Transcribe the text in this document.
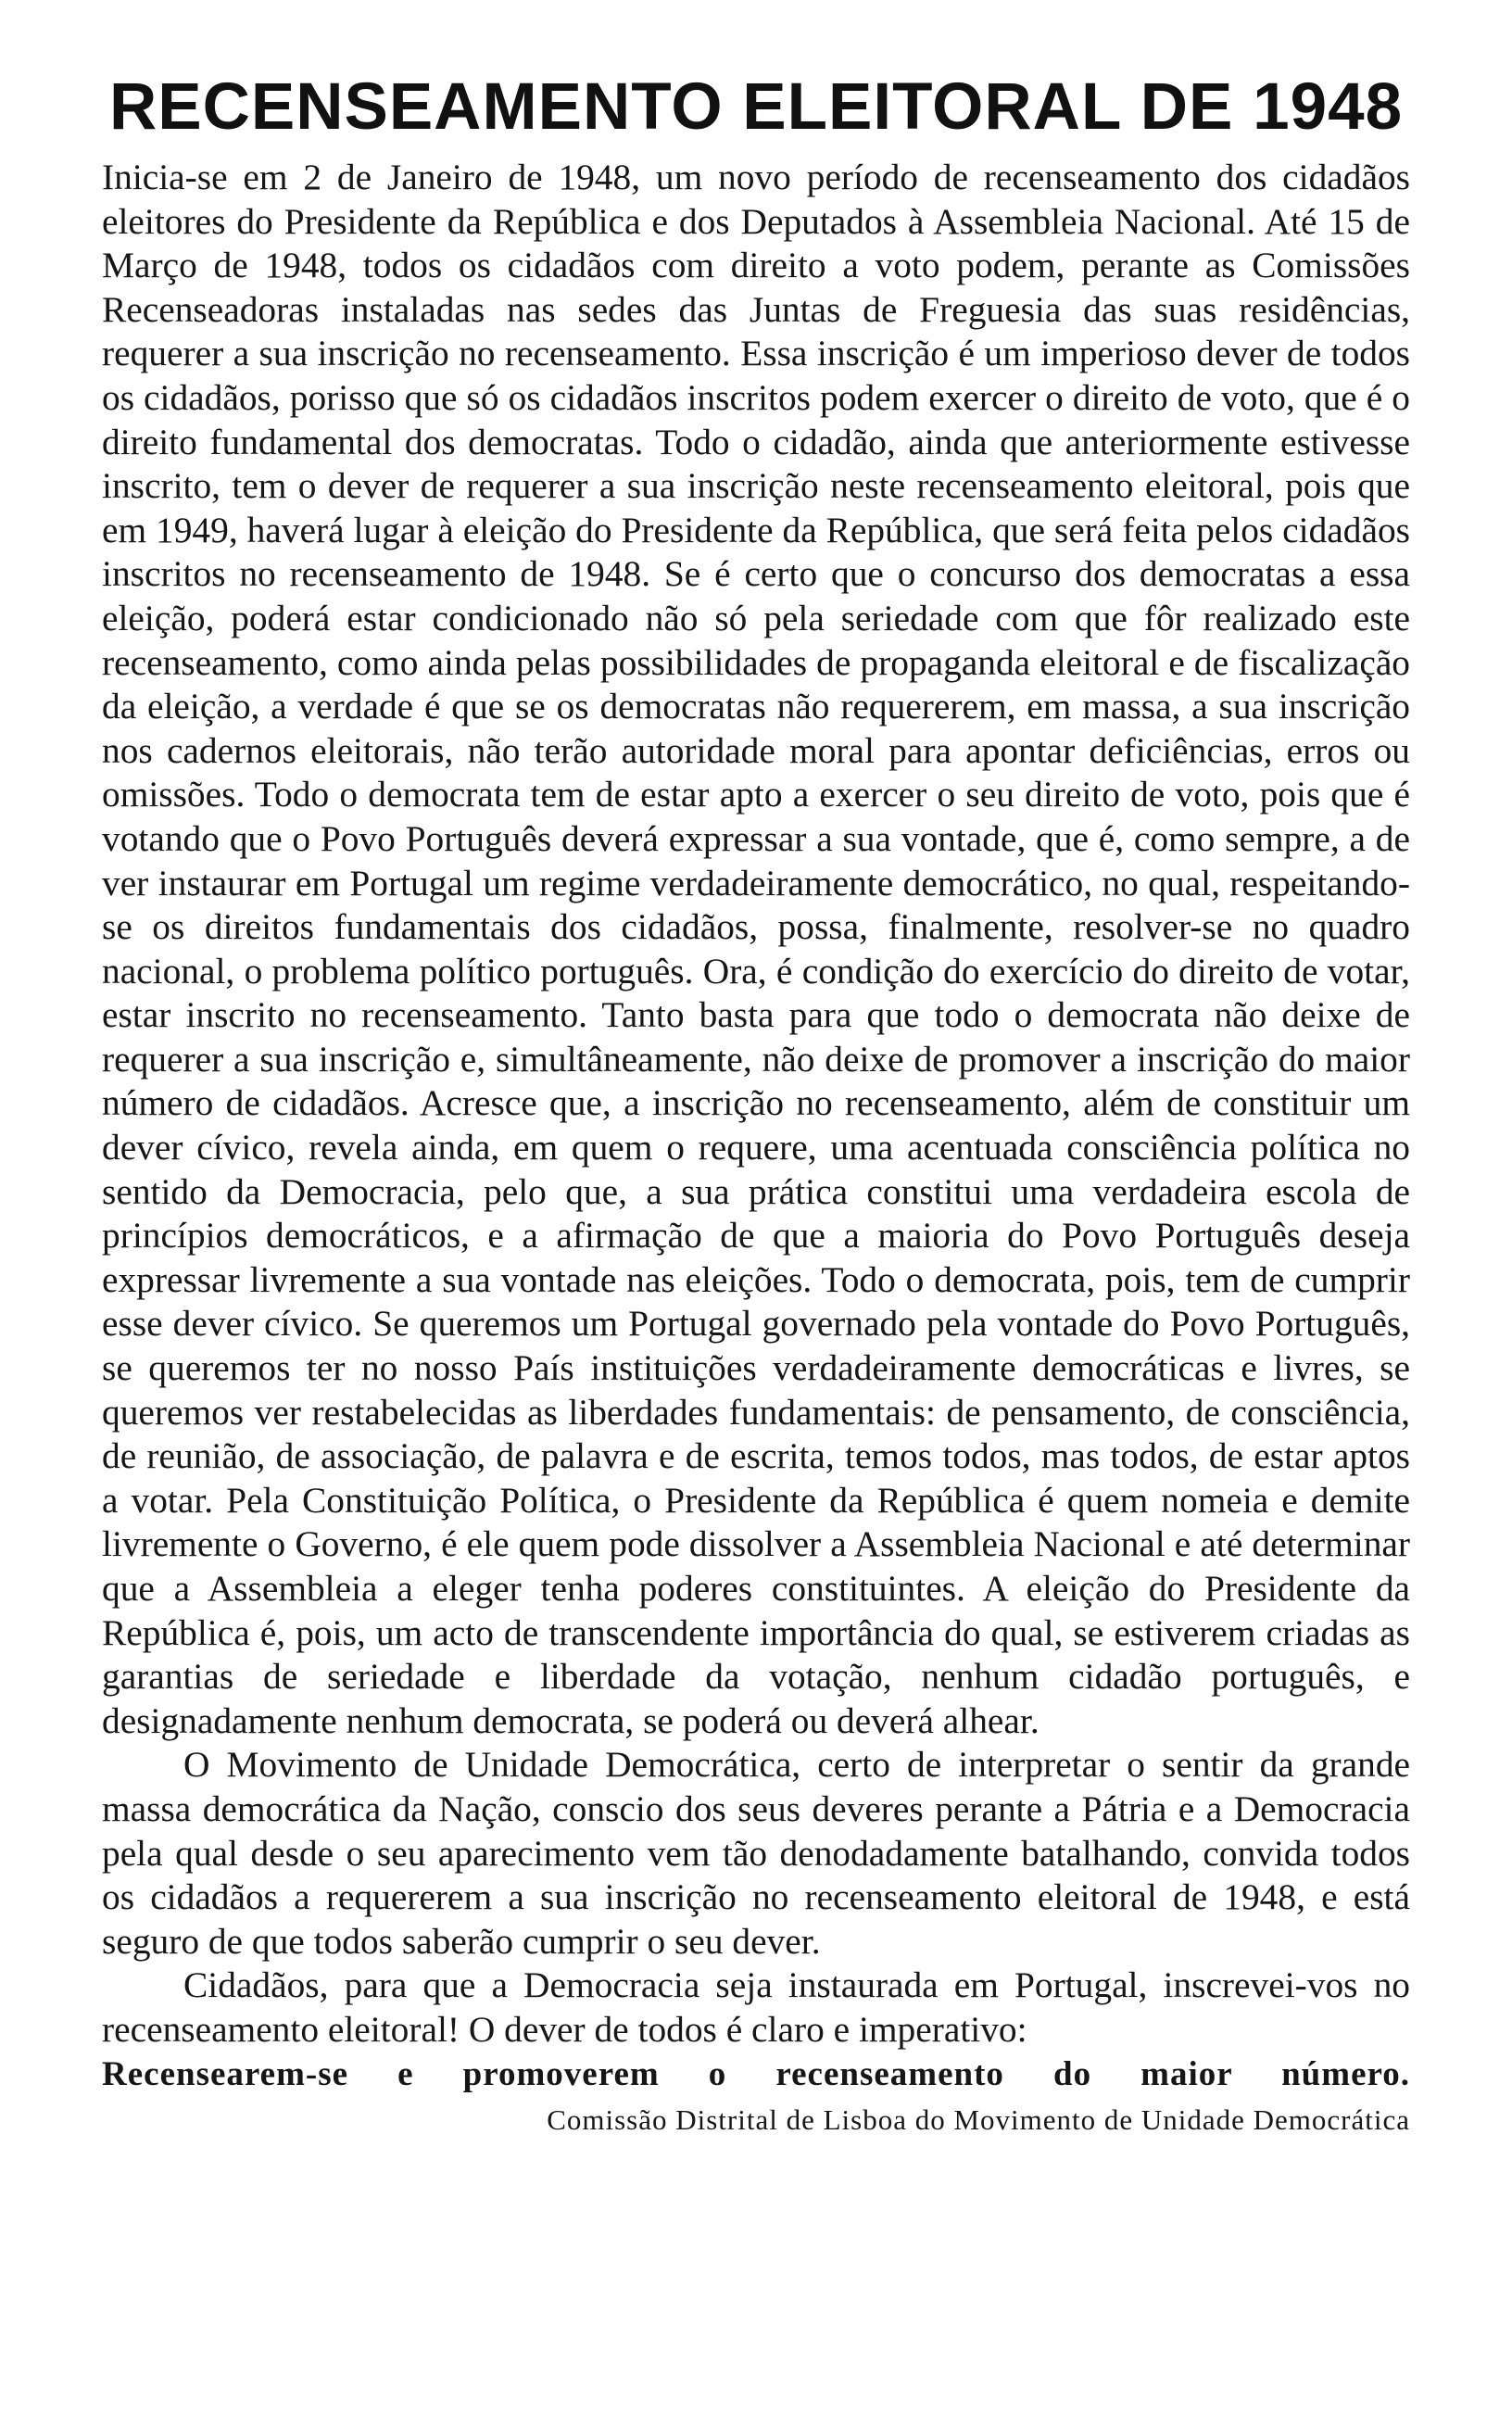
RECENSEAMENTO ELEITORAL DE 1948

Inicia-se em 2 de Janeiro de 1948, um novo período de recenseamento dos cidadãos eleitores do Presidente da República e dos Deputados à Assembleia Nacional. Até 15 de Março de 1948, todos os cidadãos com direito a voto podem, perante as Comissões Recenseadoras instaladas nas sedes das Juntas de Freguesia das suas residências, requerer a sua inscrição no recenseamento. Essa inscrição é um imperioso dever de todos os cidadãos, porisso que só os cidadãos inscritos podem exercer o direito de voto, que é o direito fundamental dos democratas. Todo o cidadão, ainda que anteriormente estivesse inscrito, tem o dever de requerer a sua inscrição neste recenseamento eleitoral, pois que em 1949, haverá lugar à eleição do Presidente da República, que será feita pelos cidadãos inscritos no recenseamento de 1948. Se é certo que o concurso dos democratas a essa eleição, poderá estar condicionado não só pela seriedade com que fôr realizado este recenseamento, como ainda pelas possibilidades de propaganda eleitoral e de fiscalização da eleição, a verdade é que se os democratas não requererem, em massa, a sua inscrição nos cadernos eleitorais, não terão autoridade moral para apontar deficiências, erros ou omissões. Todo o democrata tem de estar apto a exercer o seu direito de voto, pois que é votando que o Povo Português deverá expressar a sua vontade, que é, como sempre, a de ver instaurar em Portugal um regime verdadeiramente democrático, no qual, respeitando-se os direitos fundamentais dos cidadãos, possa, finalmente, resolver-se no quadro nacional, o problema político português. Ora, é condição do exercício do direito de votar, estar inscrito no recenseamento. Tanto basta para que todo o democrata não deixe de requerer a sua inscrição e, simultâneamente, não deixe de promover a inscrição do maior número de cidadãos. Acresce que, a inscrição no recenseamento, além de constituir um dever cívico, revela ainda, em quem o requere, uma acentuada consciência política no sentido da Democracia, pelo que, a sua prática constitui uma verdadeira escola de princípios democráticos, e a afirmação de que a maioria do Povo Português deseja expressar livremente a sua vontade nas eleições. Todo o democrata, pois, tem de cumprir esse dever cívico. Se queremos um Portugal governado pela vontade do Povo Português, se queremos ter no nosso País instituições verdadeiramente democráticas e livres, se queremos ver restabelecidas as liberdades fundamentais: de pensamento, de consciência, de reunião, de associação, de palavra e de escrita, temos todos, mas todos, de estar aptos a votar. Pela Constituição Política, o Presidente da República é quem nomeia e demite livremente o Governo, é ele quem pode dissolver a Assembleia Nacional e até determinar que a Assembleia a eleger tenha poderes constituintes. A eleição do Presidente da República é, pois, um acto de transcendente importância do qual, se estiverem criadas as garantias de seriedade e liberdade da votação, nenhum cidadão português, e designadamente nenhum democrata, se poderá ou deverá alhear.

O Movimento de Unidade Democrática, certo de interpretar o sentir da grande massa democrática da Nação, conscio dos seus deveres perante a Pátria e a Democracia pela qual desde o seu aparecimento vem tão denodadamente batalhando, convida todos os cidadãos a requererem a sua inscrição no recenseamento eleitoral de 1948, e está seguro de que todos saberão cumprir o seu dever.

Cidadãos, para que a Democracia seja instaurada em Portugal, inscrevei-vos no recenseamento eleitoral! O dever de todos é claro e imperativo:

Recensearem-se e promoverem o recenseamento do maior número.

Comissão Distrital de Lisboa do Movimento de Unidade Democrática
